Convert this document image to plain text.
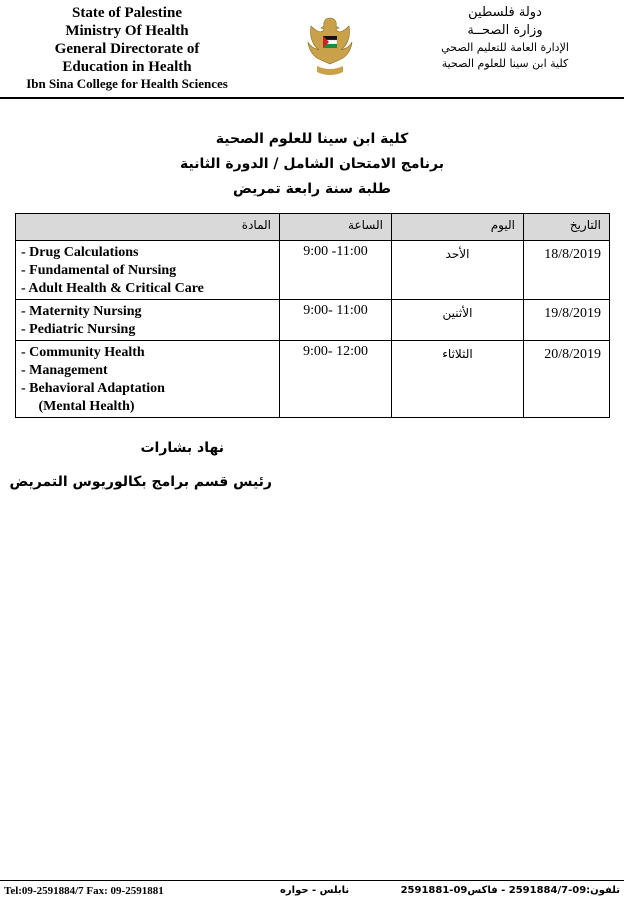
State of Palestine
Ministry Of Health
General Directorate of
Education in Health
Ibn Sina College for Health Sciences
دولة فلسطين
وزارة الصحــة
الإدارة العامة للتعليم الصحي
كلية ابن سينا للعلوم الصحية
كلية ابن سينا للعلوم الصحية
برنامج الامتحان الشامل / الدورة الثانية
طلبة سنة رابعة تمريض
المادة	الساعة	اليوم	التاريخ

- Drug Calculations
- Fundamental of Nursing
- Adult Health & Critical Care	9:00 -11:00	الأحد	18/8/2019

- Maternity Nursing
- Pediatric Nursing	9:00- 11:00	الأثنين	19/8/2019

- Community Health
- Management
- Behavioral Adaptation
(Mental Health)	9:00- 12:00	الثلاثاء	20/8/2019
نهاد بشارات
رئيس قسم برامج بكالوريوس التمريض
Tel:09-2591884/7 Fax: 09-2591881	نابلس - حواره	تلفون:09-2591884/7 - فاكس09-2591881
